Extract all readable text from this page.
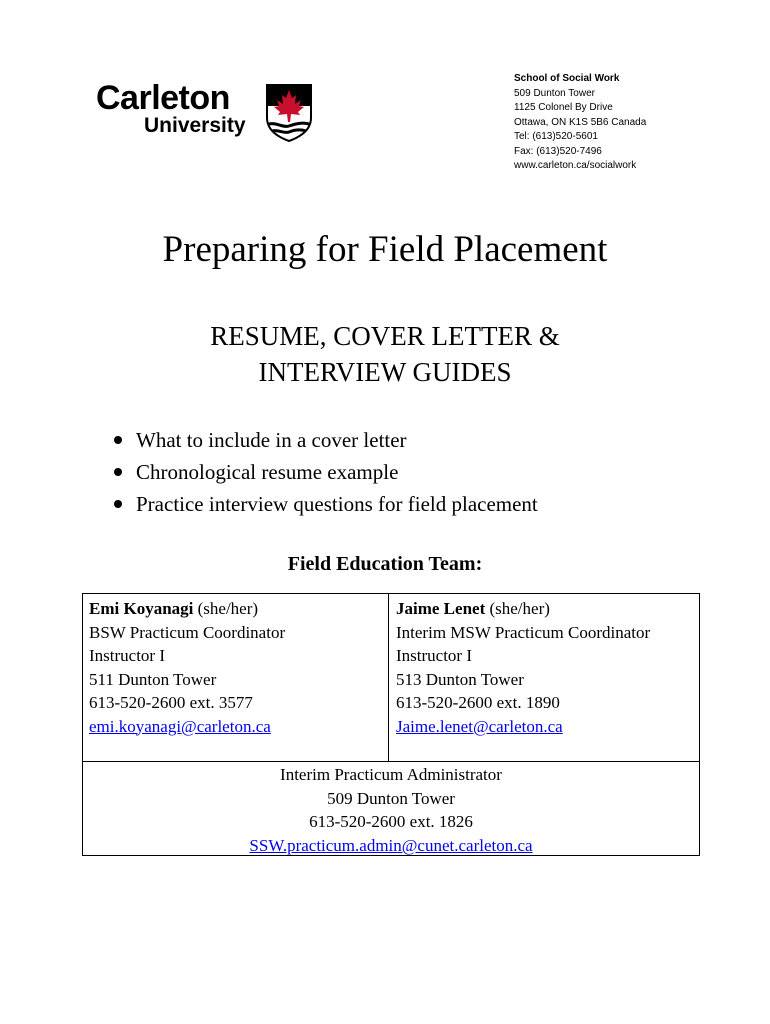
Carleton
University
School of Social Work
509 Dunton Tower
1125 Colonel By Drive
Ottawa, ON K1S 5B6 Canada
Tel: (613)520-5601
Fax: (613)520-7496
www.carleton.ca/socialwork
Preparing for Field Placement
RESUME, COVER LETTER &
INTERVIEW GUIDES
What to include in a cover letter
Chronological resume example
Practice interview questions for field placement
Field Education Team:
Emi Koyanagi (she/her)
BSW Practicum Coordinator
Instructor I
511 Dunton Tower
613-520-2600 ext. 3577
emi.koyanagi@carleton.ca
Jaime Lenet (she/her)
Interim MSW Practicum Coordinator
Instructor I
513 Dunton Tower
613-520-2600 ext. 1890
Jaime.lenet@carleton.ca
Interim Practicum Administrator
509 Dunton Tower
613-520-2600 ext. 1826
SSW.practicum.admin@cunet.carleton.ca
